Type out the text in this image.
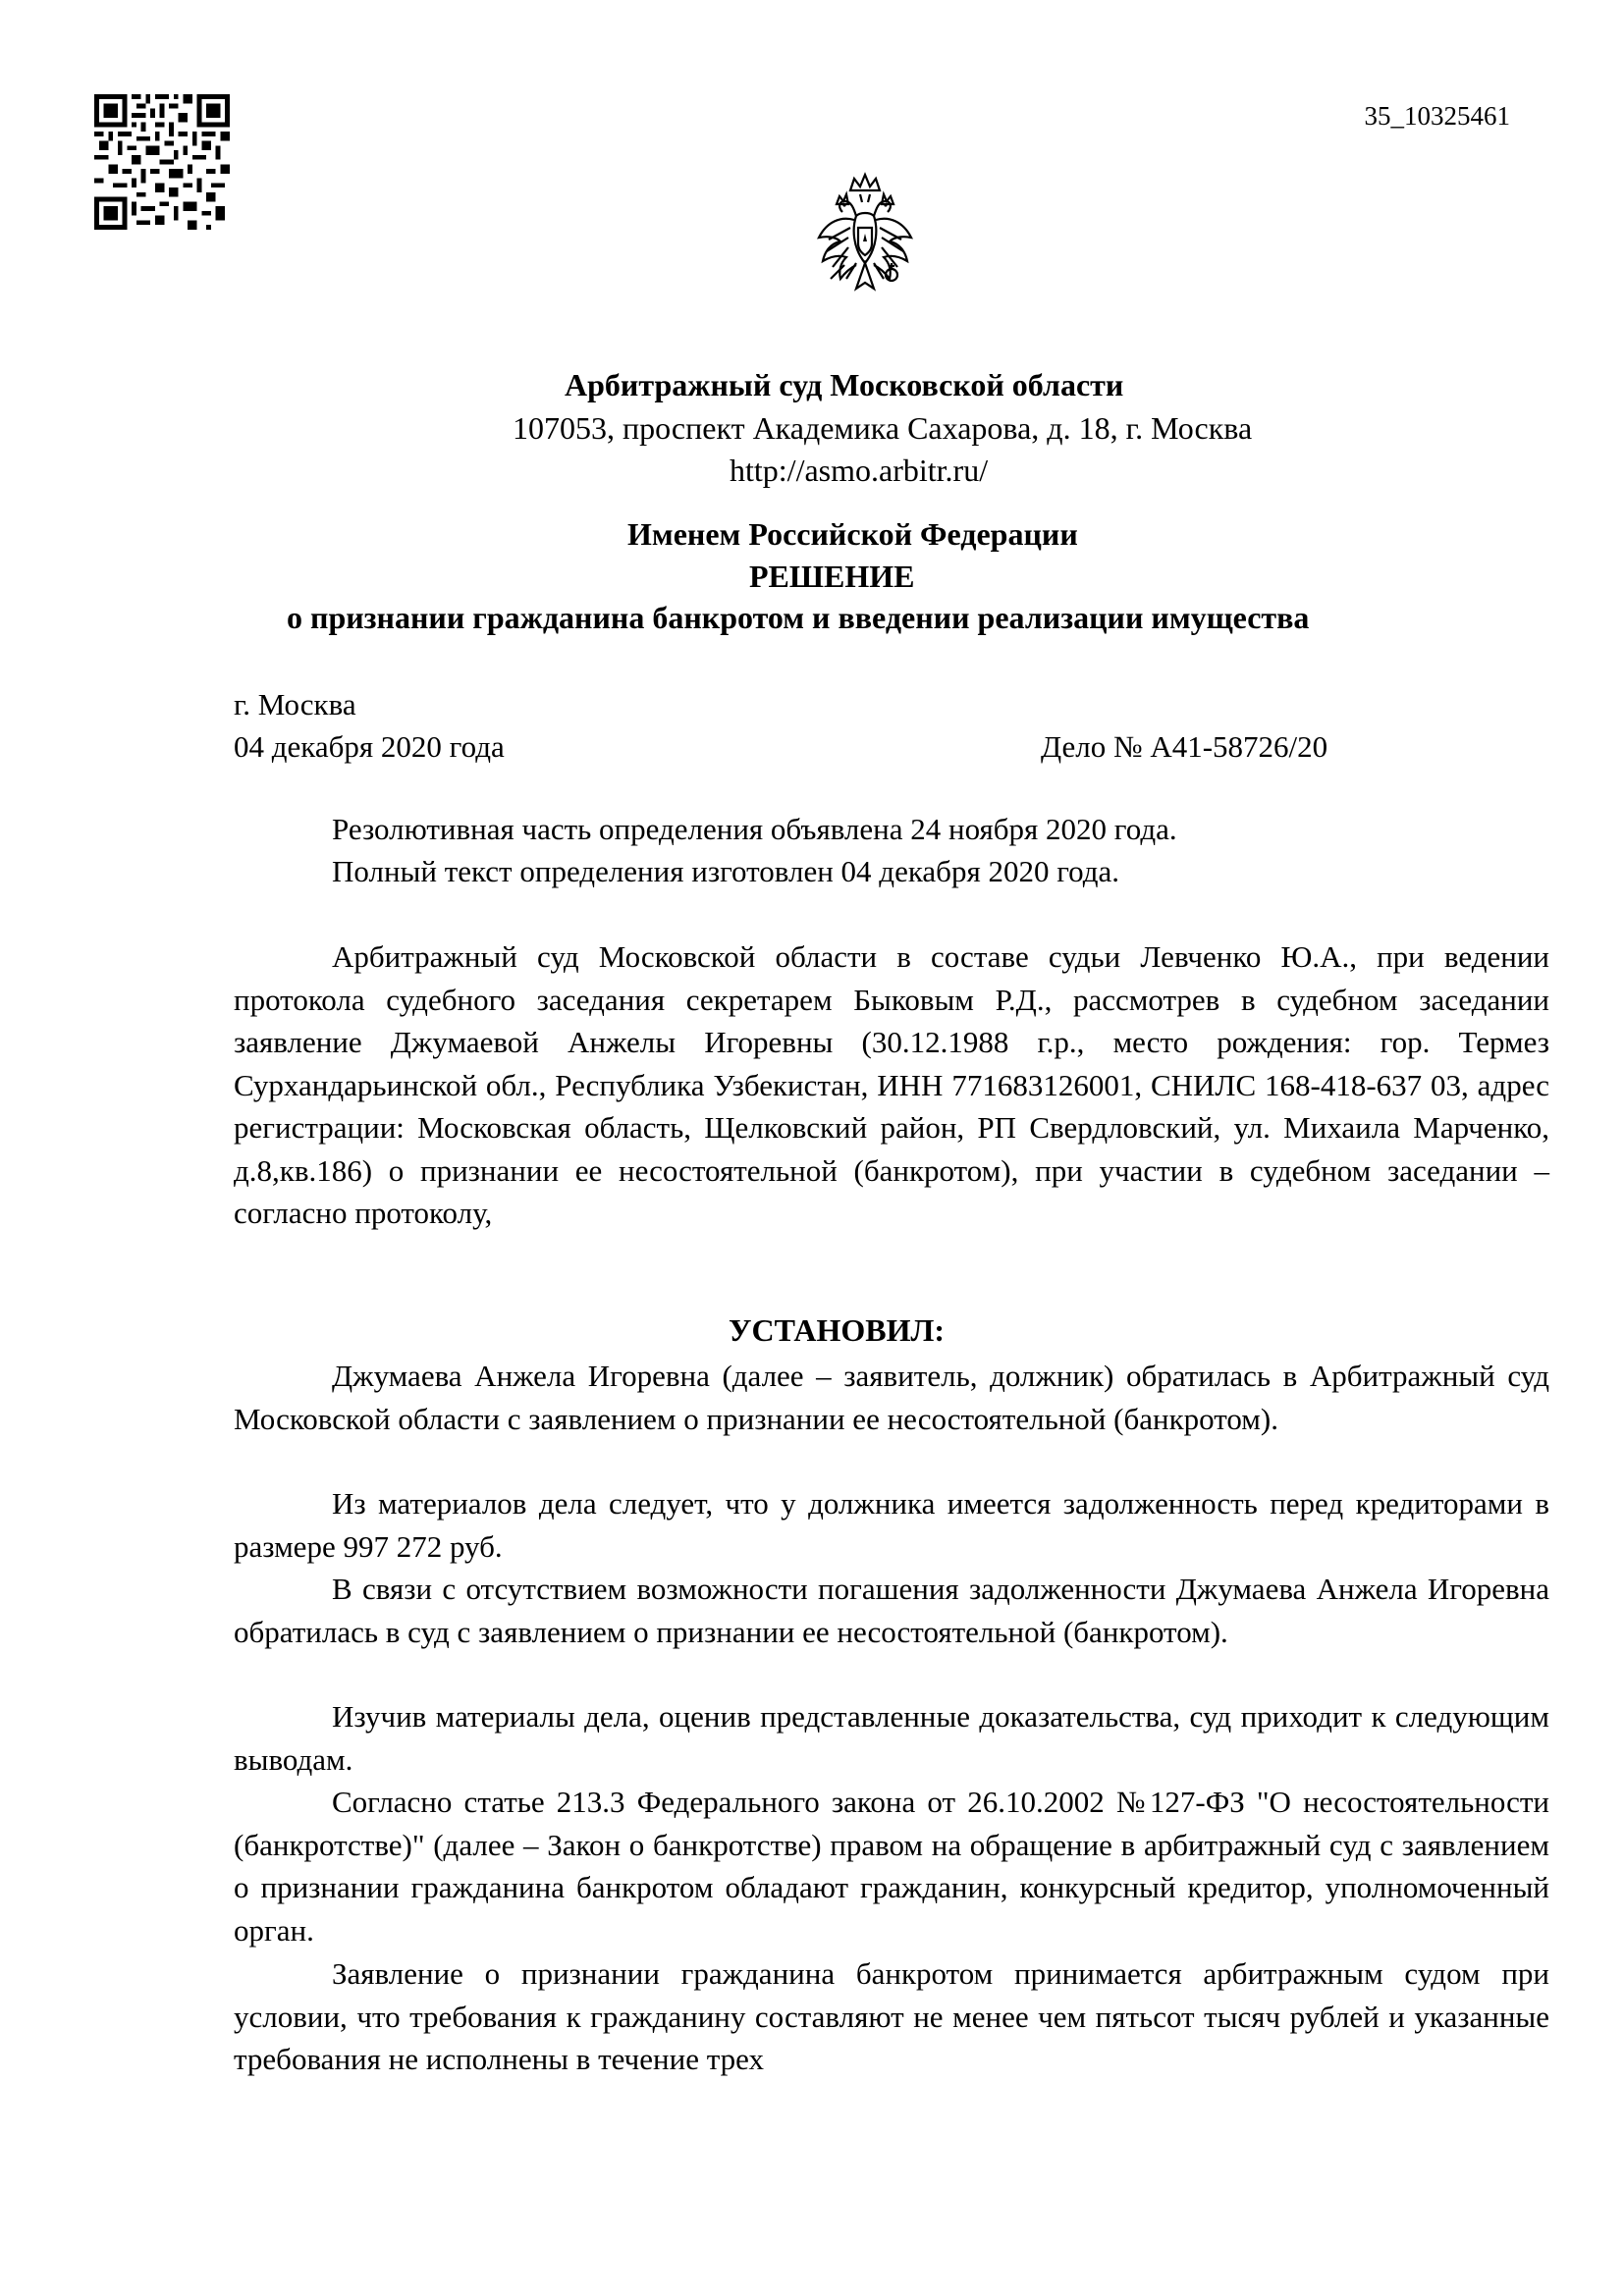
35_10325461
Арбитражный суд Московской области
107053, проспект Академика Сахарова, д. 18, г. Москва
http://asmo.arbitr.ru/
Именем Российской Федерации
РЕШЕНИЕ
о признании гражданина банкротом и введении реализации имущества
г. Москва
04 декабря 2020 года	Дело № А41-58726/20

Резолютивная часть определения объявлена 24 ноября 2020 года.

Полный текст определения изготовлен 04 декабря 2020 года.

Арбитражный суд Московской области в составе судьи Левченко Ю.А., при ведении протокола судебного заседания секретарем Быковым Р.Д., рассмотрев в судебном заседании заявление Джумаевой Анжелы Игоревны (30.12.1988 г.р., место рождения: гор. Термез Сурхандарьинской обл., Республика Узбекистан, ИНН 771683126001, СНИЛС 168-418-637 03, адрес регистрации: Московская область, Щелковский район, РП Свердловский, ул. Михаила Марченко, д.8,кв.186) о признании ее несостоятельной (банкротом), при участии в судебном заседании – согласно протоколу,

УСТАНОВИЛ:

Джумаева Анжела Игоревна (далее – заявитель, должник) обратилась в Арбитражный суд Московской области с заявлением о признании ее несостоятельной (банкротом).

Из материалов дела следует, что у должника имеется задолженность перед кредиторами в размере 997 272 руб.

В связи с отсутствием возможности погашения задолженности Джумаева Анжела Игоревна обратилась в суд с заявлением о признании ее несостоятельной (банкротом).

Изучив материалы дела, оценив представленные доказательства, суд приходит к следующим выводам.

Согласно статье 213.3 Федерального закона от 26.10.2002 №127-ФЗ "О несостоятельности (банкротстве)" (далее – Закон о банкротстве) правом на обращение в арбитражный суд с заявлением о признании гражданина банкротом обладают гражданин, конкурсный кредитор, уполномоченный орган.

Заявление о признании гражданина банкротом принимается арбитражным судом при условии, что требования к гражданину составляют не менее чем пятьсот тысяч рублей и указанные требования не исполнены в течение трех
